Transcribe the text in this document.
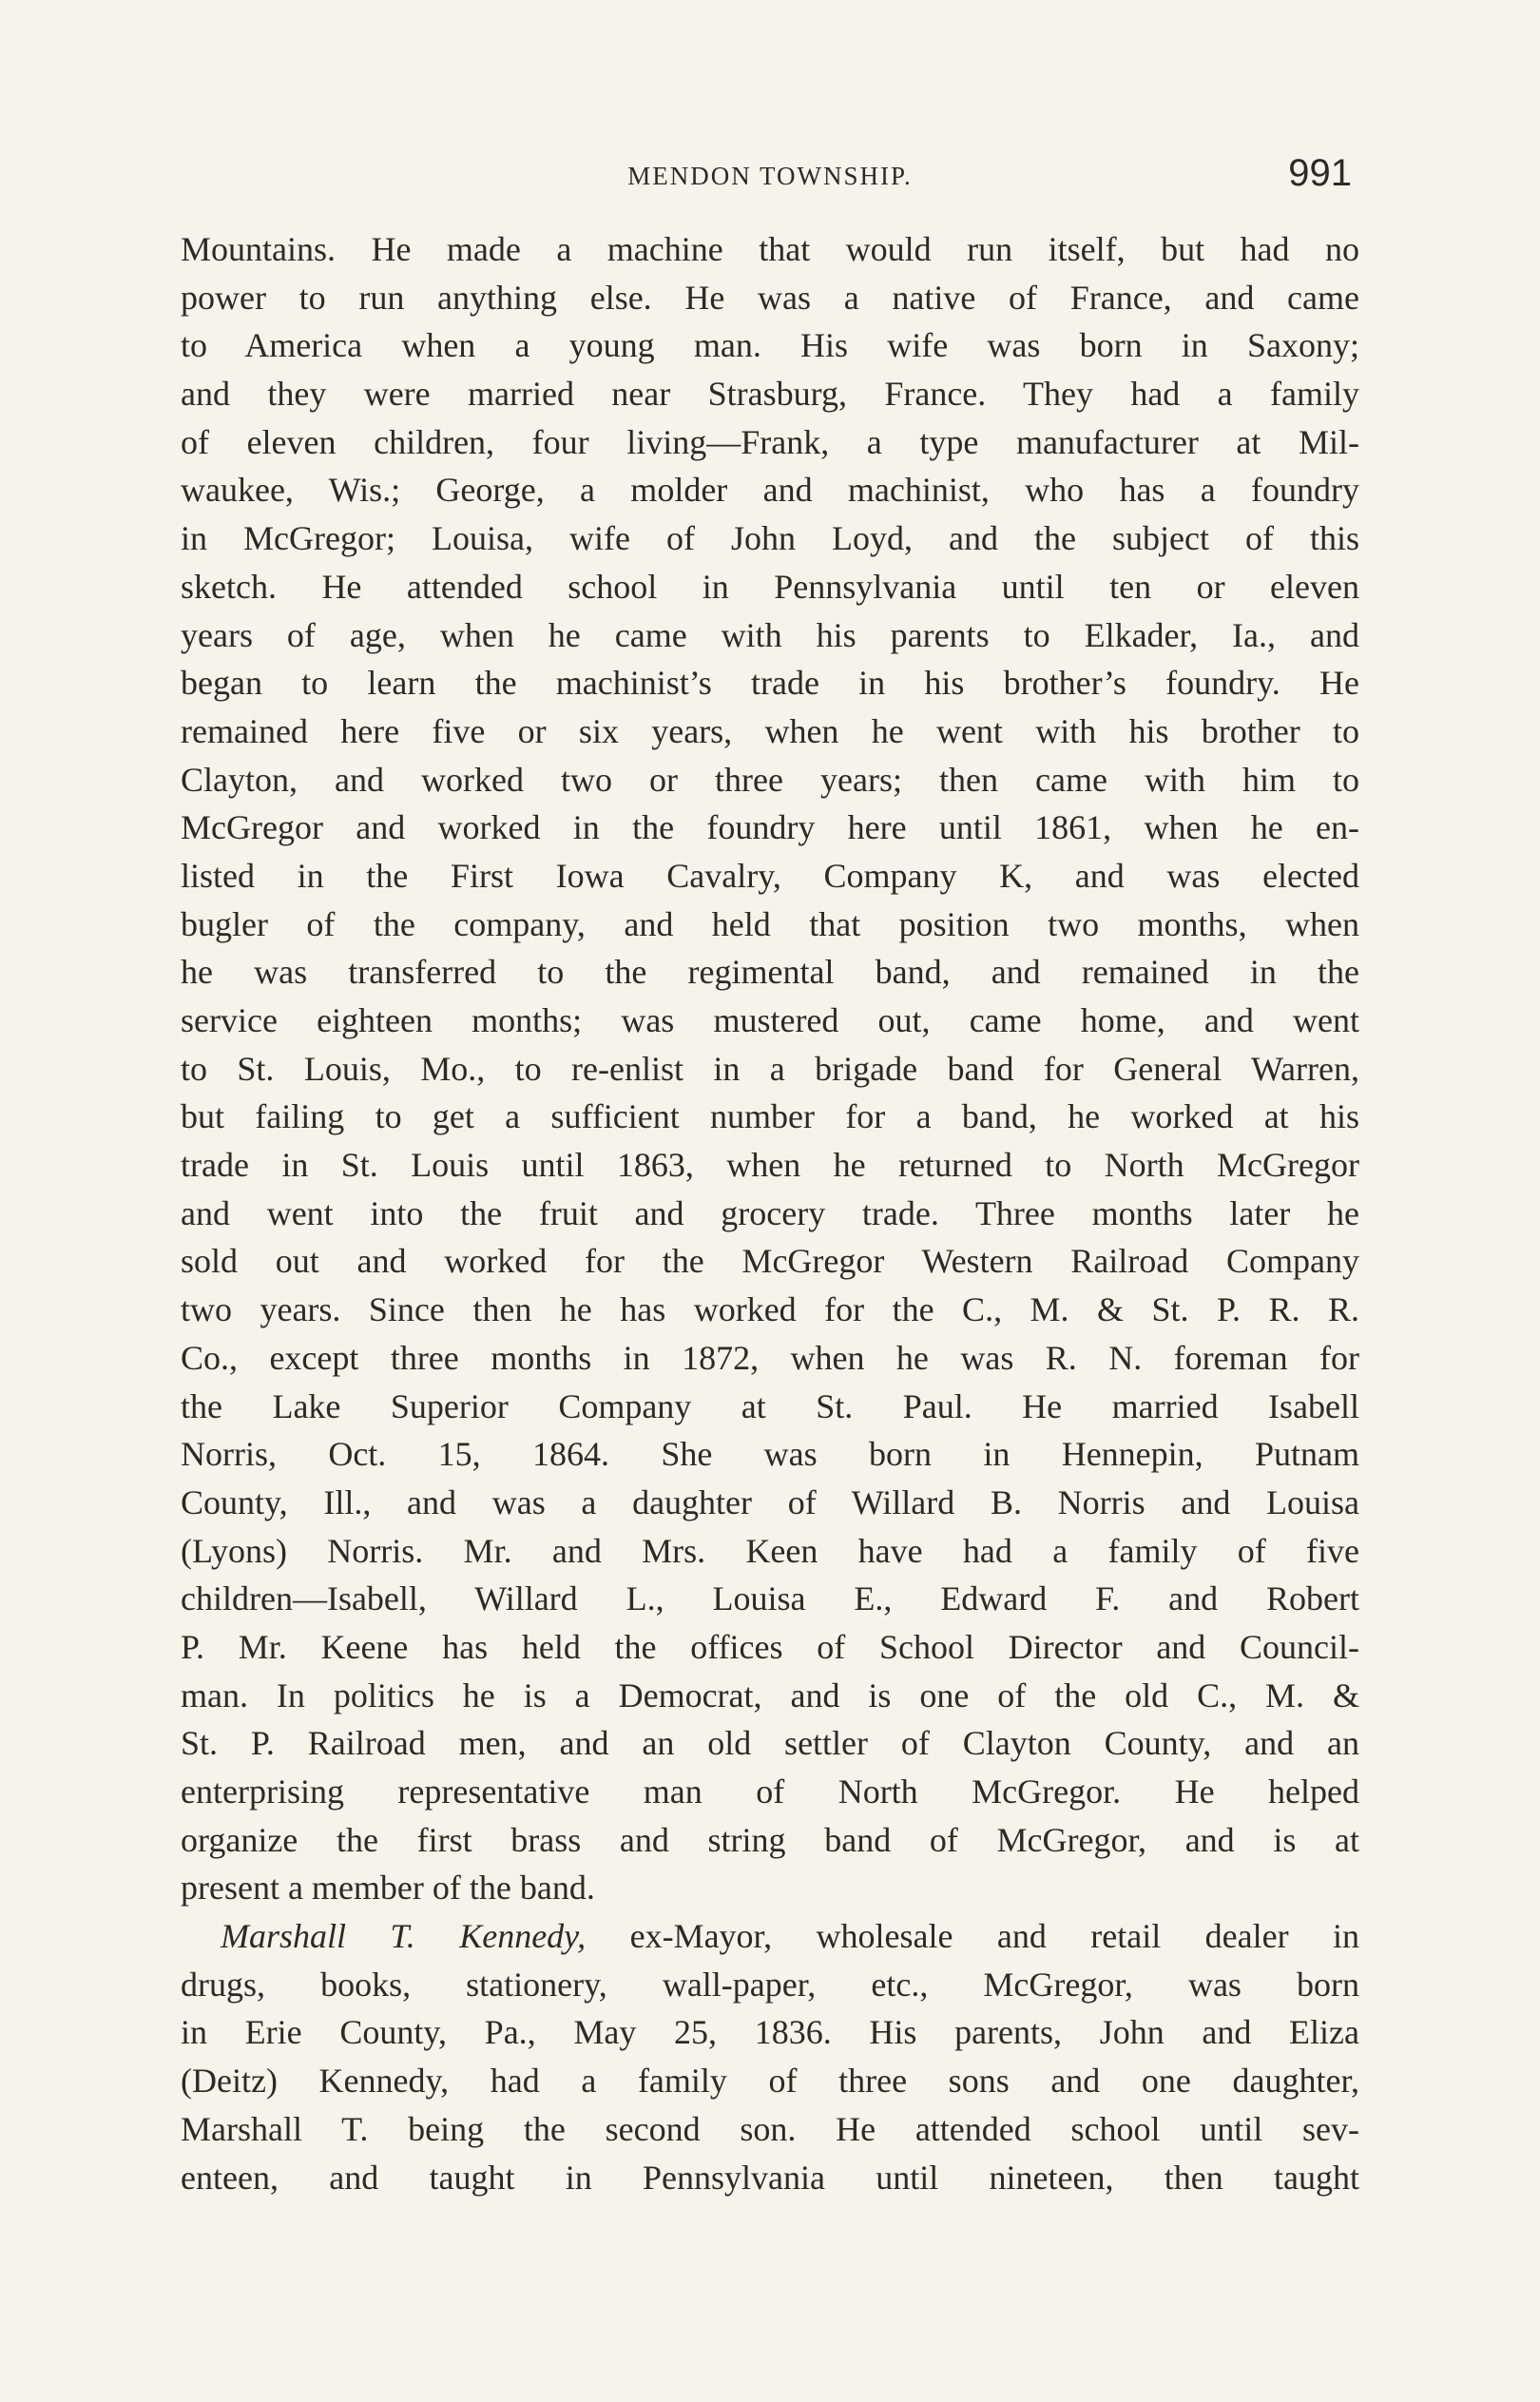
MENDON TOWNSHIP.	991
Mountains. He made a machine that would run itself, but had no
power to run anything else. He was a native of France, and came
to America when a young man. His wife was born in Saxony;
and they were married near Strasburg, France. They had a family
of eleven children, four living—Frank, a type manufacturer at Mil-
waukee, Wis.; George, a molder and machinist, who has a foundry
in McGregor; Louisa, wife of John Loyd, and the subject of this
sketch. He attended school in Pennsylvania until ten or eleven
years of age, when he came with his parents to Elkader, Ia., and
began to learn the machinist’s trade in his brother’s foundry. He
remained here five or six years, when he went with his brother to
Clayton, and worked two or three years; then came with him to
McGregor and worked in the foundry here until 1861, when he en-
listed in the First Iowa Cavalry, Company K, and was elected
bugler of the company, and held that position two months, when
he was transferred to the regimental band, and remained in the
service eighteen months; was mustered out, came home, and went
to St. Louis, Mo., to re-enlist in a brigade band for General Warren,
but failing to get a sufficient number for a band, he worked at his
trade in St. Louis until 1863, when he returned to North McGregor
and went into the fruit and grocery trade. Three months later he
sold out and worked for the McGregor Western Railroad Company
two years. Since then he has worked for the C., M. & St. P. R. R.
Co., except three months in 1872, when he was R. N. foreman for
the Lake Superior Company at St. Paul. He married Isabell
Norris, Oct. 15, 1864. She was born in Hennepin, Putnam
County, Ill., and was a daughter of Willard B. Norris and Louisa
(Lyons) Norris. Mr. and Mrs. Keen have had a family of five
children—Isabell, Willard L., Louisa E., Edward F. and Robert
P. Mr. Keene has held the offices of School Director and Council-
man. In politics he is a Democrat, and is one of the old C., M. &
St. P. Railroad men, and an old settler of Clayton County, and an
enterprising representative man of North McGregor. He helped
organize the first brass and string band of McGregor, and is at
present a member of the band.
Marshall T. Kennedy, ex-Mayor, wholesale and retail dealer in
drugs, books, stationery, wall-paper, etc., McGregor, was born
in Erie County, Pa., May 25, 1836. His parents, John and Eliza
(Deitz) Kennedy, had a family of three sons and one daughter,
Marshall T. being the second son. He attended school until sev-
enteen, and taught in Pennsylvania until nineteen, then taught
